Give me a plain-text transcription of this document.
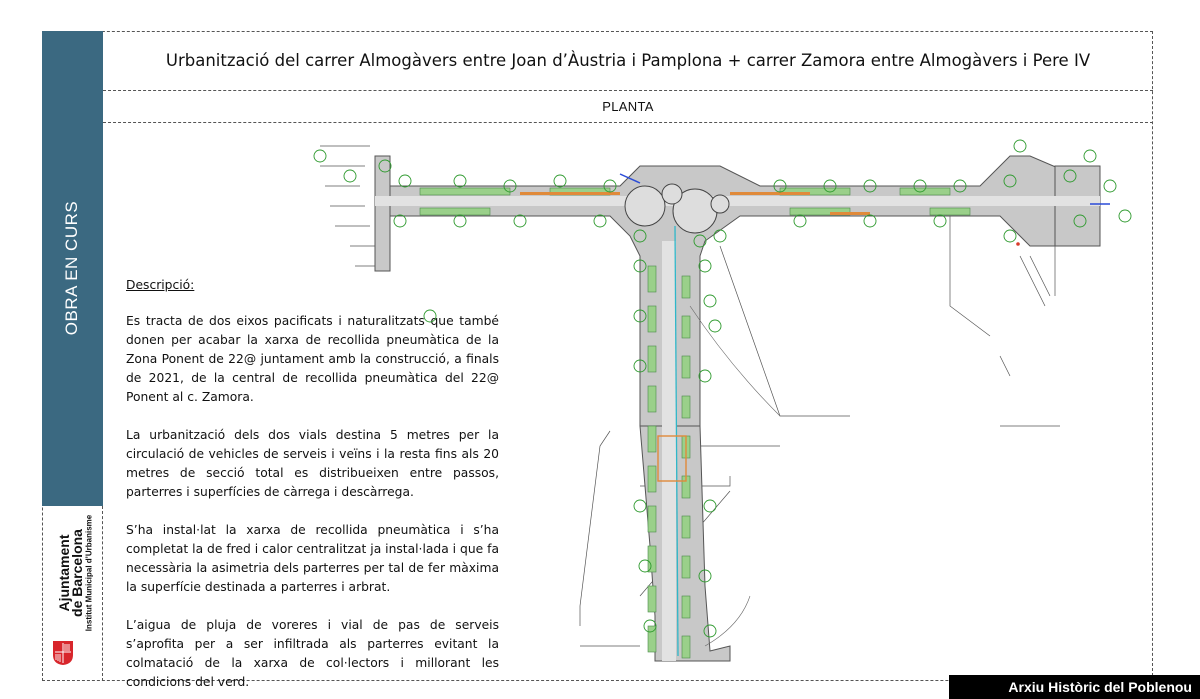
OBRA EN CURS
Ajuntament
de Barcelona Institut Municipal d’Urbanisme
Urbanització del carrer Almogàvers entre Joan d’Àustria i Pamplona + carrer Zamora entre Almogàvers i Pere IV
PLANTA
Descripció:

Es tracta de dos eixos pacificats i naturalitzats que també donen per acabar la xarxa de recollida pneumàtica de la Zona Ponent de 22@ juntament amb la construcció, a finals de 2021, de la central de recollida pneumàtica del 22@ Ponent al c. Zamora.

La urbanització dels dos vials destina 5 metres per la circulació de vehicles de serveis i veïns i la resta fins als 20 metres de secció total es distribueixen entre passos, parterres i superfícies de càrrega i descàrrega.

S’ha instal·lat la xarxa de recollida pneumàtica i s’ha completat la de fred i calor centralitzat ja instal·lada i que fa necessària la asimetria dels parterres per tal de fer màxima la superfície destinada a parterres i arbrat.

L’aigua de pluja de voreres i vial de pas de serveis s’aprofita per a ser infiltrada als parterres evitant la colmatació de la xarxa de col·lectors i millorant les condicions del verd.	Arxiu Històric del Poblenou
